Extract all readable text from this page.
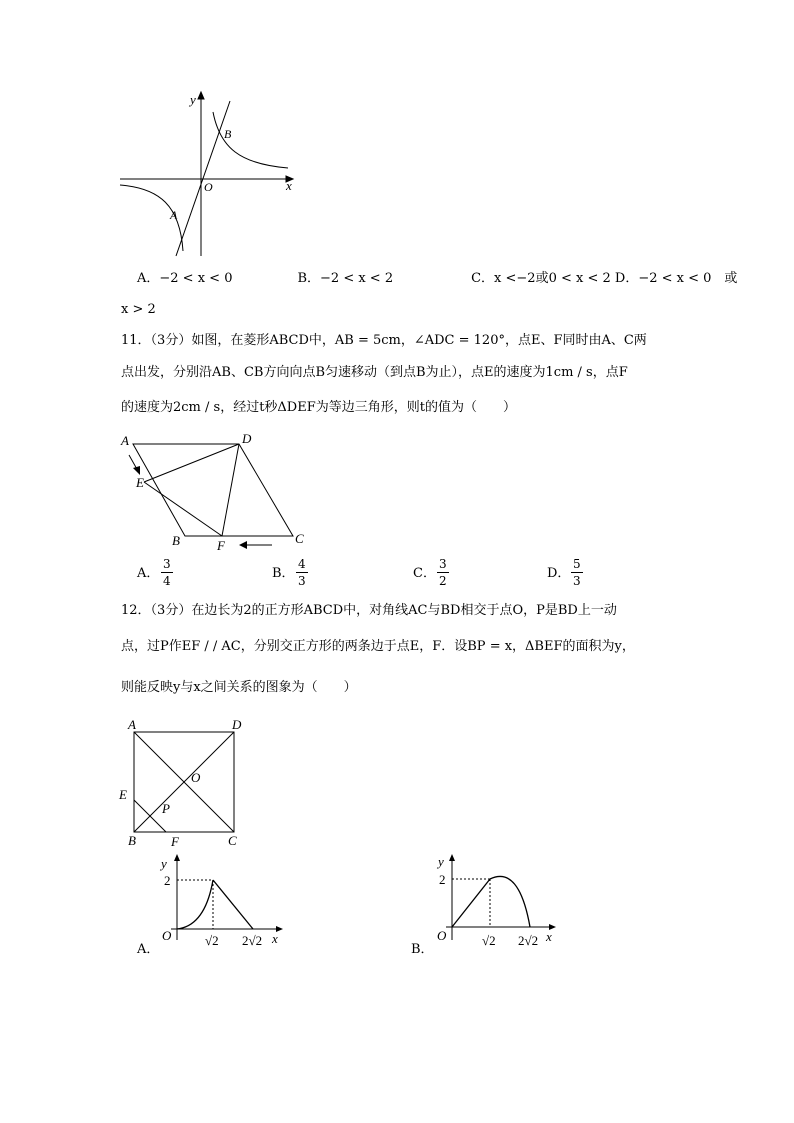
y
x
O
B
A
A．−2 < x < 0　　　　　B．−2 < x < 2　　　　　　C．x <−2或0 < x < 2 D．−2 < x < 0　或
x > 2
11．（3分）如图，在菱形ABCD中，AB = 5cm，∠ADC = 120°，点E、F同时由A、C两
点出发，分别沿AB、CB方向向点B匀速移动（到点B为止），点E的速度为1cm / s，点F
的速度为2cm / s，经过t秒ΔDEF为等边三角形，则t的值为（　　）
A	D
E
B	F	C
A． $\frac{3}{4}$	B． $\frac{4}{3}$	C． $\frac{3}{2}$	D． $\frac{5}{3}$
12．（3分）在边长为2的正方形ABCD中，对角线AC与BD相交于点O，P是BD上一动
点，过P作EF / / AC，分别交正方形的两条边于点E，F．设BP = x，ΔBEF的面积为y，
则能反映y与x之间关系的图象为（　　）
A	D
O
E
P
B	F	C
A．
y
2
O	√2 2√2 x
B．
y
2
O	√2 2√2 x
